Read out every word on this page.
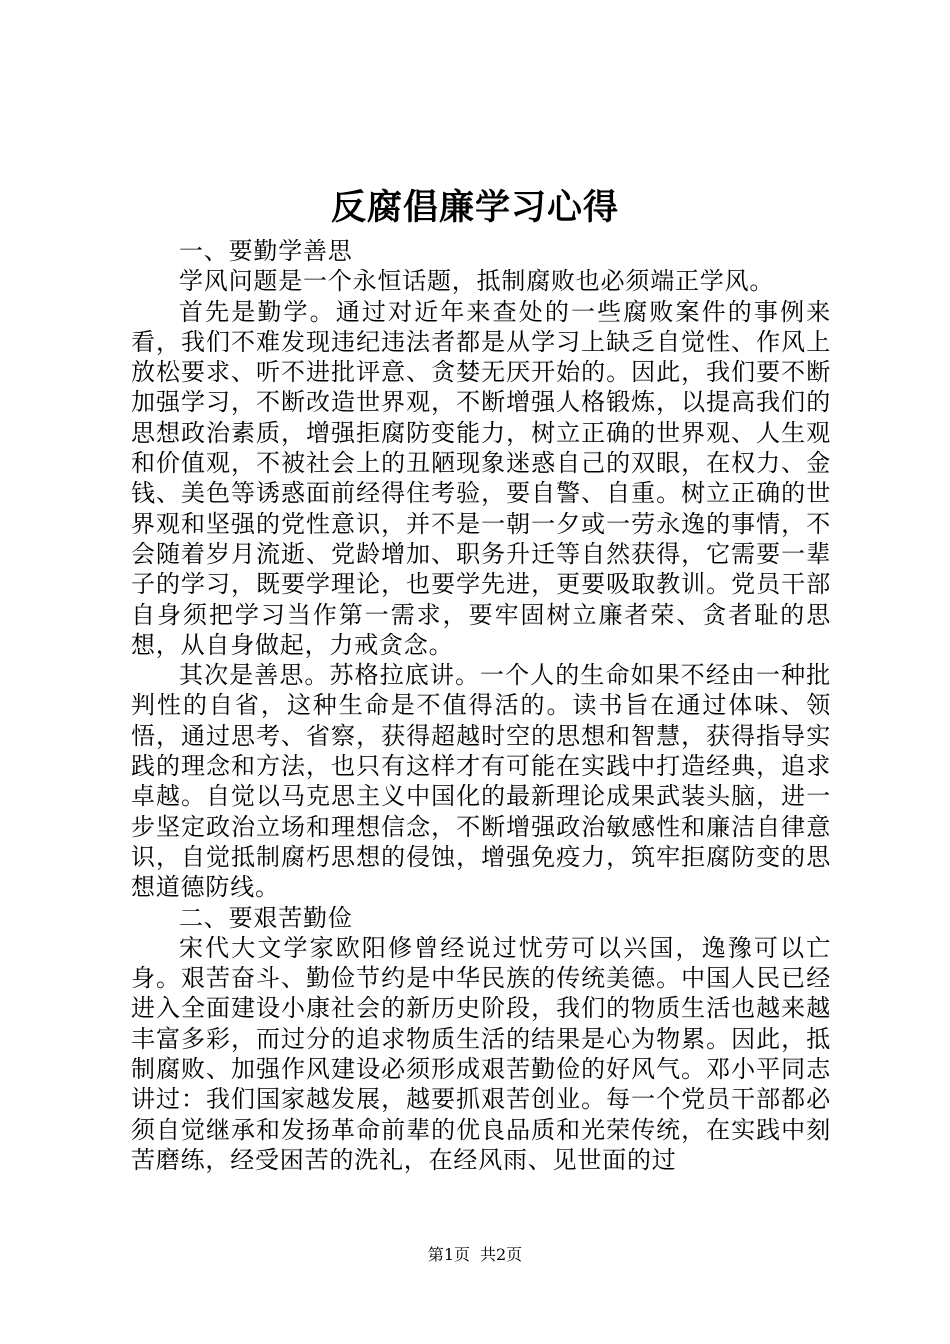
反腐倡廉学习心得

一、要勤学善思

学风问题是一个永恒话题，抵制腐败也必须端正学风。

首先是勤学。通过对近年来查处的一些腐败案件的事例来看，我们不难发现违纪违法者都是从学习上缺乏自觉性、作风上放松要求、听不进批评意、贪婪无厌开始的。因此，我们要不断加强学习，不断改造世界观，不断增强人格锻炼，以提高我们的思想政治素质，增强拒腐防变能力，树立正确的世界观、人生观和价值观，不被社会上的丑陋现象迷惑自己的双眼，在权力、金钱、美色等诱惑面前经得住考验，要自警、自重。树立正确的世界观和坚强的党性意识，并不是一朝一夕或一劳永逸的事情，不会随着岁月流逝、党龄增加、职务升迁等自然获得，它需要一辈子的学习，既要学理论，也要学先进，更要吸取教训。党员干部自身须把学习当作第一需求，要牢固树立廉者荣、贪者耻的思想，从自身做起，力戒贪念。

其次是善思。苏格拉底讲。一个人的生命如果不经由一种批判性的自省，这种生命是不值得活的。读书旨在通过体味、领悟，通过思考、省察，获得超越时空的思想和智慧，获得指导实践的理念和方法，也只有这样才有可能在实践中打造经典，追求卓越。自觉以马克思主义中国化的最新理论成果武装头脑，进一步坚定政治立场和理想信念，不断增强政治敏感性和廉洁自律意识，自觉抵制腐朽思想的侵蚀，增强免疫力，筑牢拒腐防变的思想道德防线。

二、要艰苦勤俭

宋代大文学家欧阳修曾经说过忧劳可以兴国，逸豫可以亡身。艰苦奋斗、勤俭节约是中华民族的传统美德。中国人民已经进入全面建设小康社会的新历史阶段，我们的物质生活也越来越丰富多彩，而过分的追求物质生活的结果是心为物累。因此，抵制腐败、加强作风建设必须形成艰苦勤俭的好风气。邓小平同志讲过：我们国家越发展，越要抓艰苦创业。每一个党员干部都必须自觉继承和发扬革命前辈的优良品质和光荣传统，在实践中刻苦磨练，经受困苦的洗礼，在经风雨、见世面的过

第1页 共2页
